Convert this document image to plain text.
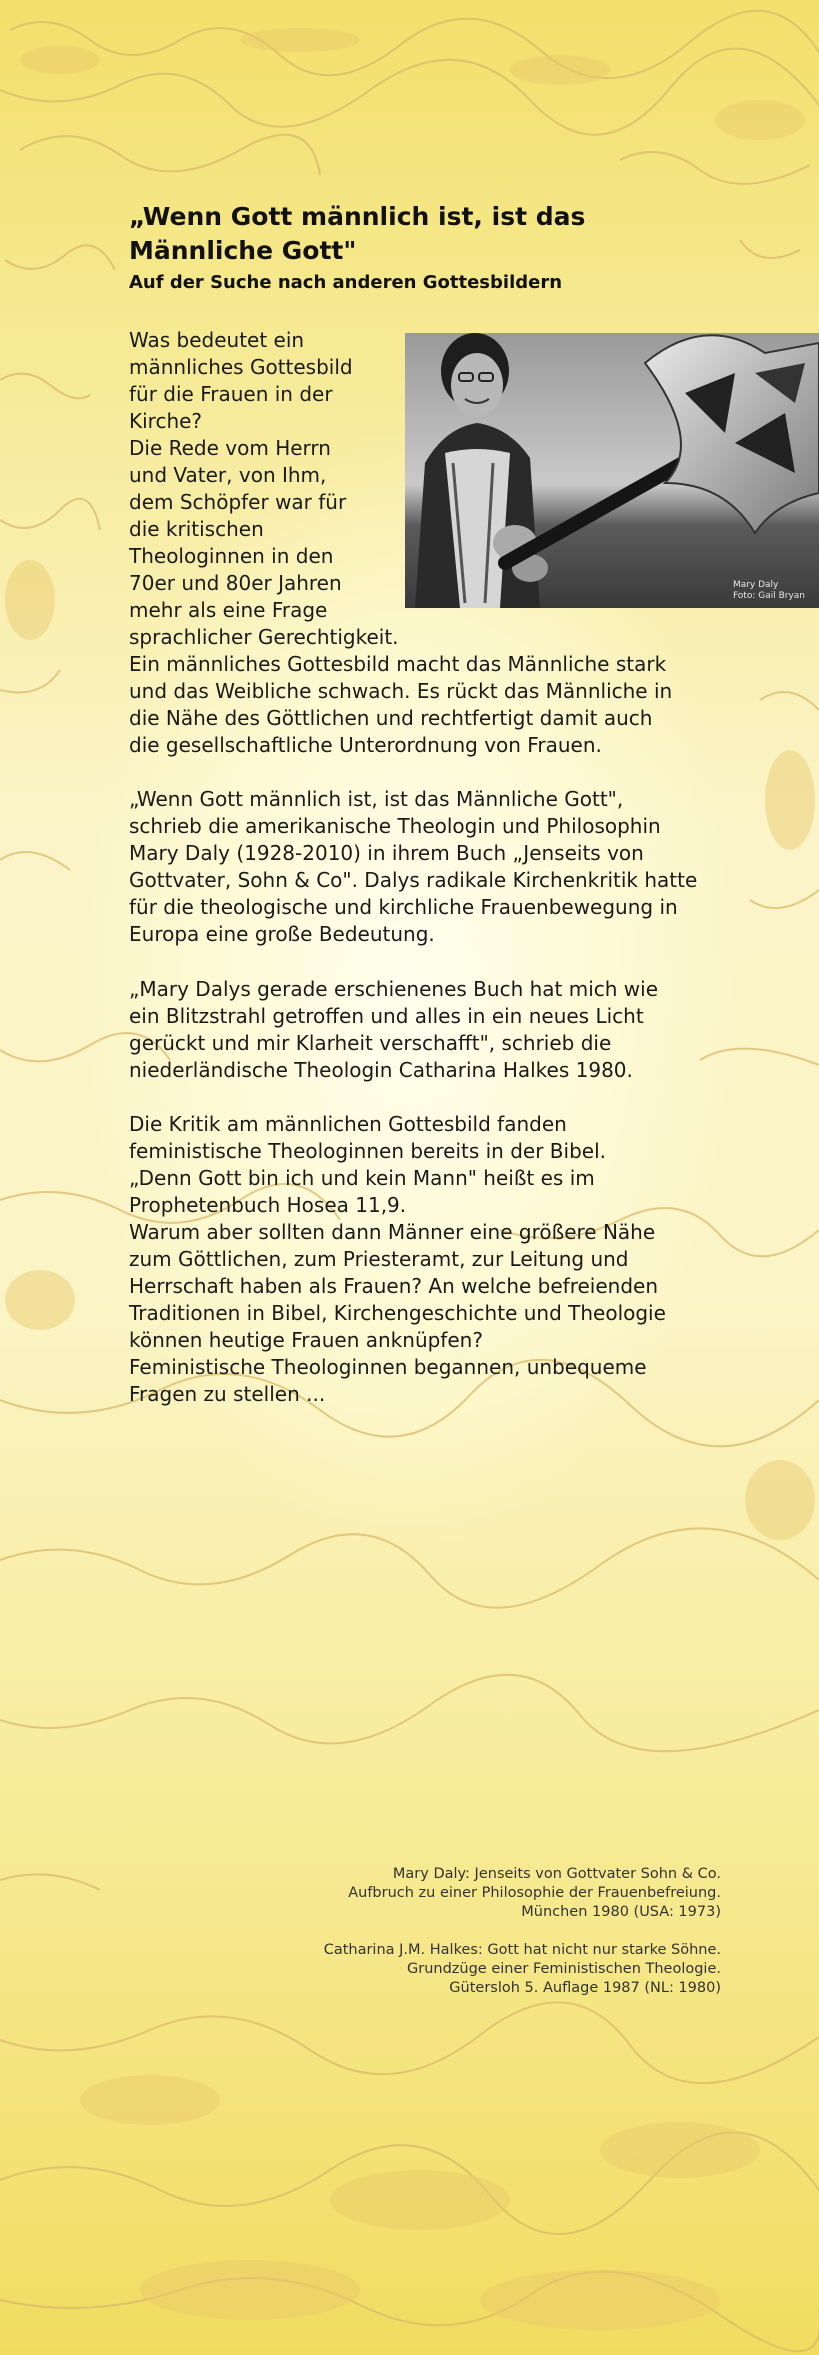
„Wenn Gott männlich ist, ist das
Männliche Gott"
Auf der Suche nach anderen Gottesbildern
Mary Daly
Foto: Gail Bryan

Was bedeutet ein
männliches Gottesbild
für die Frauen in der
Kirche?
Die Rede vom Herrn
und Vater, von Ihm,
dem Schöpfer war für
die kritischen
Theologinnen in den
70er und 80er Jahren
mehr als eine Frage
sprachlicher Gerechtigkeit.

Ein männliches Gottesbild macht das Männliche stark
und das Weibliche schwach. Es rückt das Männliche in
die Nähe des Göttlichen und rechtfertigt damit auch
die gesellschaftliche Unterordnung von Frauen.

„Wenn Gott männlich ist, ist das Männliche Gott",
schrieb die amerikanische Theologin und Philosophin
Mary Daly (1928-2010) in ihrem Buch „Jenseits von
Gottvater, Sohn & Co". Dalys radikale Kirchenkritik hatte
für die theologische und kirchliche Frauenbewegung in
Europa eine große Bedeutung.

„Mary Dalys gerade erschienenes Buch hat mich wie
ein Blitzstrahl getroffen und alles in ein neues Licht
gerückt und mir Klarheit verschafft", schrieb die
niederländische Theologin Catharina Halkes 1980.

Die Kritik am männlichen Gottesbild fanden
feministische Theologinnen bereits in der Bibel.
„Denn Gott bin ich und kein Mann" heißt es im
Prophetenbuch Hosea 11,9.
Warum aber sollten dann Männer eine größere Nähe
zum Göttlichen, zum Priesteramt, zur Leitung und
Herrschaft haben als Frauen? An welche befreienden
Traditionen in Bibel, Kirchengeschichte und Theologie
können heutige Frauen anknüpfen?
Feministische Theologinnen begannen, unbequeme
Fragen zu stellen ...

Mary Daly: Jenseits von Gottvater Sohn & Co.
Aufbruch zu einer Philosophie der Frauenbefreiung.
München 1980 (USA: 1973)

Catharina J.M. Halkes: Gott hat nicht nur starke Söhne.
Grundzüge einer Feministischen Theologie.
Gütersloh 5. Auflage 1987 (NL: 1980)
